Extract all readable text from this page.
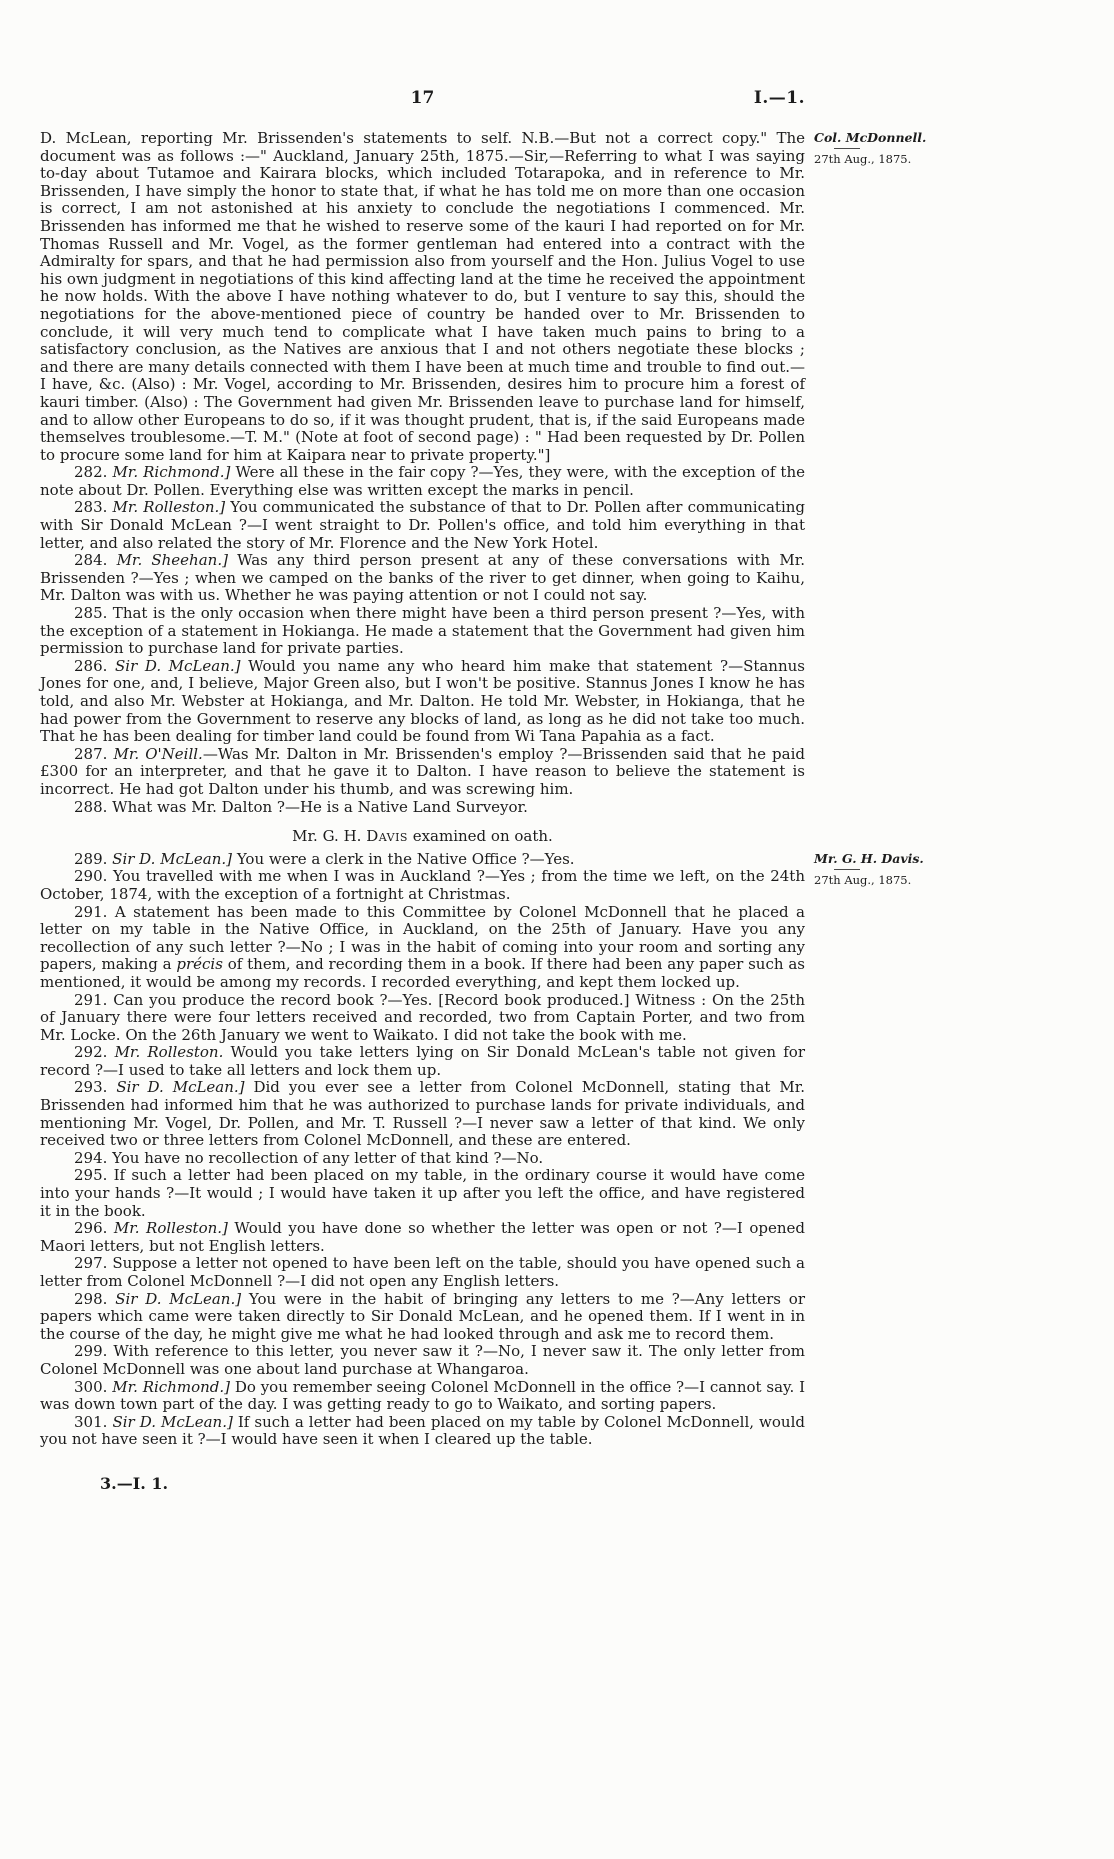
17	I.—1.

D. McLean, reporting Mr. Brissenden's statements to self. N.B.—But not a correct copy." The document was as follows :—" Auckland, January 25th, 1875.—Sir,—Referring to what I was saying to-day about Tutamoe and Kairara blocks, which included Totarapoka, and in reference to Mr. Brissenden, I have simply the honor to state that, if what he has told me on more than one occasion is correct, I am not astonished at his anxiety to conclude the negotiations I commenced. Mr. Brissenden has informed me that he wished to reserve some of the kauri I had reported on for Mr. Thomas Russell and Mr. Vogel, as the former gentleman had entered into a contract with the Admiralty for spars, and that he had permission also from yourself and the Hon. Julius Vogel to use his own judgment in negotiations of this kind affecting land at the time he received the appointment he now holds. With the above I have nothing whatever to do, but I venture to say this, should the negotiations for the above-mentioned piece of country be handed over to Mr. Brissenden to conclude, it will very much tend to complicate what I have taken much pains to bring to a satisfactory conclusion, as the Natives are anxious that I and not others negotiate these blocks ; and there are many details connected with them I have been at much time and trouble to find out.—I have, &c. (Also) : Mr. Vogel, according to Mr. Brissenden, desires him to procure him a forest of kauri timber. (Also) : The Government had given Mr. Brissenden leave to purchase land for himself, and to allow other Europeans to do so, if it was thought prudent, that is, if the said Europeans made themselves troublesome.—T. M." (Note at foot of second page) : " Had been requested by Dr. Pollen to procure some land for him at Kaipara near to private property."]
Col. McDonnell.
27th Aug., 1875.

282. Mr. Richmond.] Were all these in the fair copy ?—Yes, they were, with the exception of the note about Dr. Pollen. Everything else was written except the marks in pencil.

283. Mr. Rolleston.] You communicated the substance of that to Dr. Pollen after communicating with Sir Donald McLean ?—I went straight to Dr. Pollen's office, and told him everything in that letter, and also related the story of Mr. Florence and the New York Hotel.

284. Mr. Sheehan.] Was any third person present at any of these conversations with Mr. Brissenden ?—Yes ; when we camped on the banks of the river to get dinner, when going to Kaihu, Mr. Dalton was with us. Whether he was paying attention or not I could not say.

285. That is the only occasion when there might have been a third person present ?—Yes, with the exception of a statement in Hokianga. He made a statement that the Government had given him permission to purchase land for private parties.

286. Sir D. McLean.] Would you name any who heard him make that statement ?—Stannus Jones for one, and, I believe, Major Green also, but I won't be positive. Stannus Jones I know he has told, and also Mr. Webster at Hokianga, and Mr. Dalton. He told Mr. Webster, in Hokianga, that he had power from the Government to reserve any blocks of land, as long as he did not take too much. That he has been dealing for timber land could be found from Wi Tana Papahia as a fact.

287. Mr. O'Neill.—Was Mr. Dalton in Mr. Brissenden's employ ?—Brissenden said that he paid £300 for an interpreter, and that he gave it to Dalton. I have reason to believe the statement is incorrect. He had got Dalton under his thumb, and was screwing him.

288. What was Mr. Dalton ?—He is a Native Land Surveyor.

Mr. G. H. Davis examined on oath.

289. Sir D. McLean.] You were a clerk in the Native Office ?—Yes.	Mr. G. H. Davis.
27th Aug., 1875.

290. You travelled with me when I was in Auckland ?—Yes ; from the time we left, on the 24th October, 1874, with the exception of a fortnight at Christmas.

291. A statement has been made to this Committee by Colonel McDonnell that he placed a letter on my table in the Native Office, in Auckland, on the 25th of January. Have you any recollection of any such letter ?—No ; I was in the habit of coming into your room and sorting any papers, making a précis of them, and recording them in a book. If there had been any paper such as mentioned, it would be among my records. I recorded everything, and kept them locked up.

291. Can you produce the record book ?—Yes. [Record book produced.] Witness : On the 25th of January there were four letters received and recorded, two from Captain Porter, and two from Mr. Locke. On the 26th January we went to Waikato. I did not take the book with me.

292. Mr. Rolleston. Would you take letters lying on Sir Donald McLean's table not given for record ?—I used to take all letters and lock them up.

293. Sir D. McLean.] Did you ever see a letter from Colonel McDonnell, stating that Mr. Brissenden had informed him that he was authorized to purchase lands for private individuals, and mentioning Mr. Vogel, Dr. Pollen, and Mr. T. Russell ?—I never saw a letter of that kind. We only received two or three letters from Colonel McDonnell, and these are entered.

294. You have no recollection of any letter of that kind ?—No.

295. If such a letter had been placed on my table, in the ordinary course it would have come into your hands ?—It would ; I would have taken it up after you left the office, and have registered it in the book.

296. Mr. Rolleston.] Would you have done so whether the letter was open or not ?—I opened Maori letters, but not English letters.

297. Suppose a letter not opened to have been left on the table, should you have opened such a letter from Colonel McDonnell ?—I did not open any English letters.

298. Sir D. McLean.] You were in the habit of bringing any letters to me ?—Any letters or papers which came were taken directly to Sir Donald McLean, and he opened them. If I went in in the course of the day, he might give me what he had looked through and ask me to record them.

299. With reference to this letter, you never saw it ?—No, I never saw it. The only letter from Colonel McDonnell was one about land purchase at Whangaroa.

300. Mr. Richmond.] Do you remember seeing Colonel McDonnell in the office ?—I cannot say. I was down town part of the day. I was getting ready to go to Waikato, and sorting papers.

301. Sir D. McLean.] If such a letter had been placed on my table by Colonel McDonnell, would you not have seen it ?—I would have seen it when I cleared up the table.

3.—I. 1.
